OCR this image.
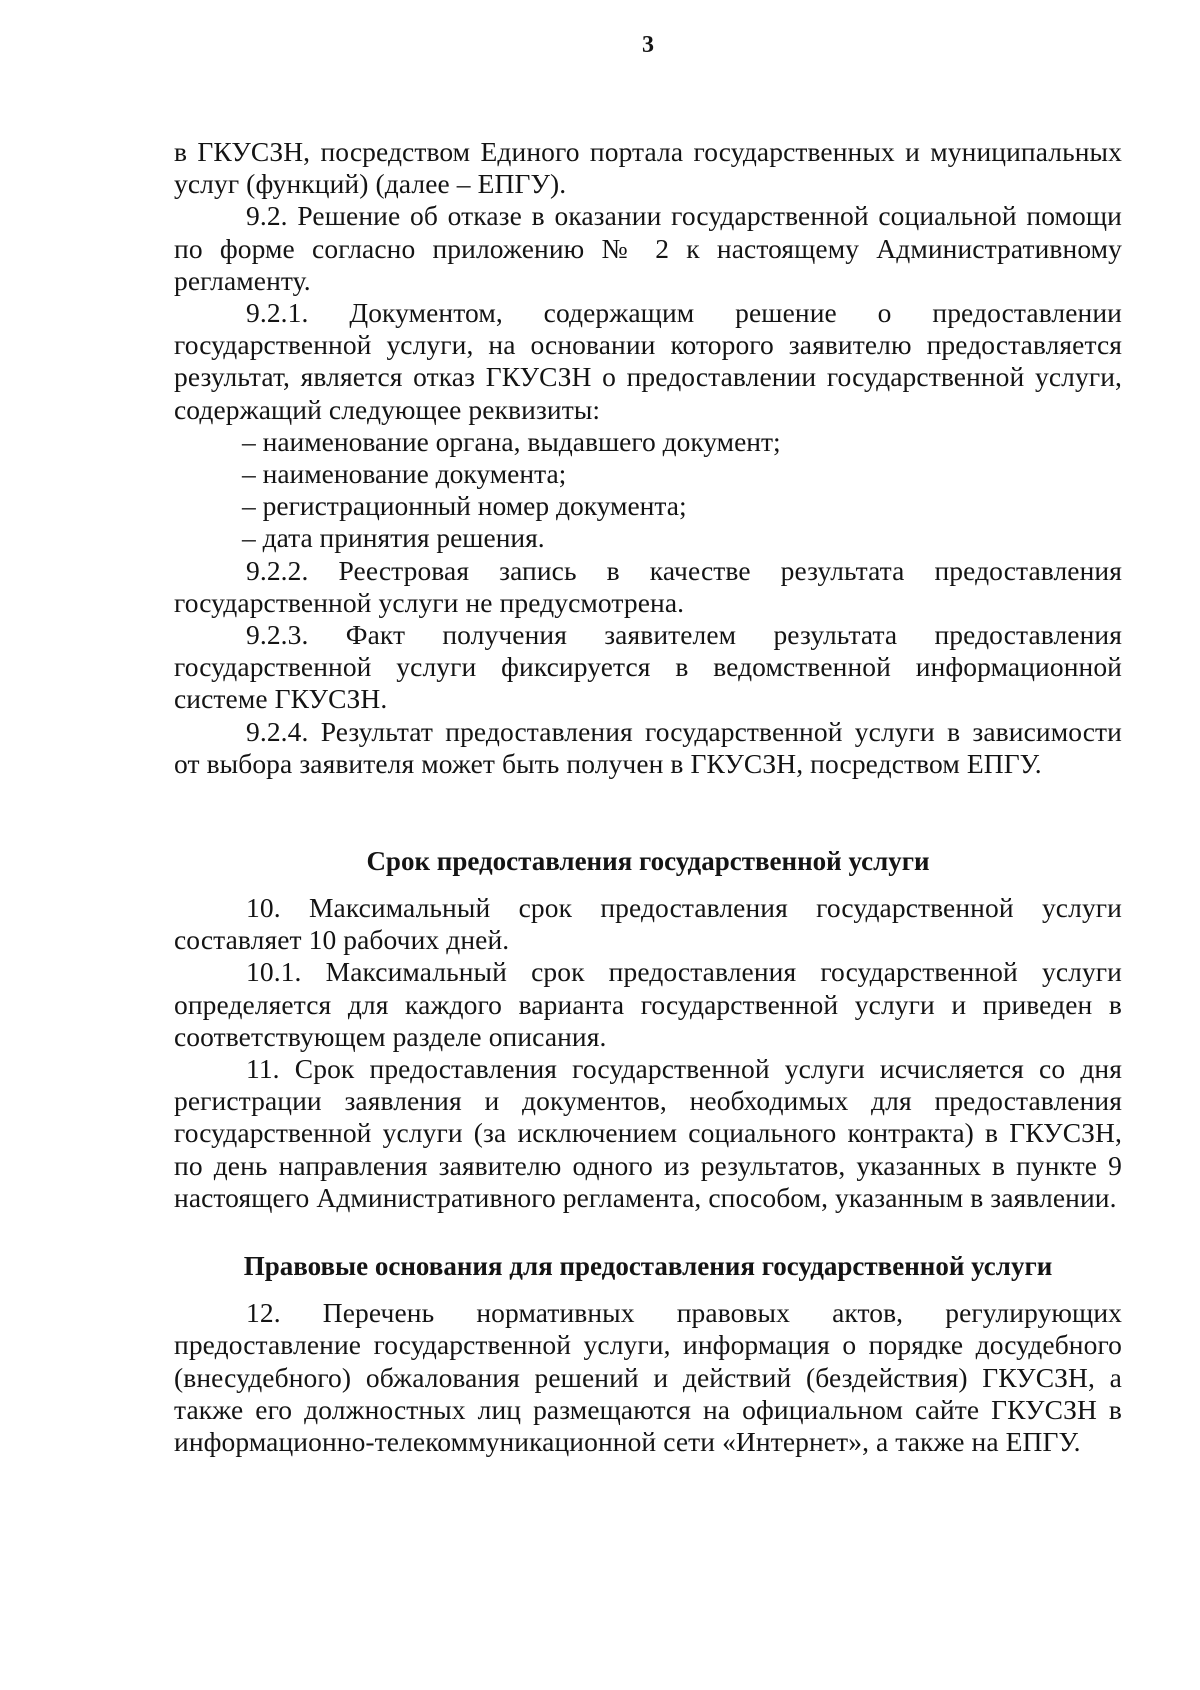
3

в ГКУСЗН, посредством Единого портала государственных и муниципальных услуг (функций) (далее – ЕПГУ).

9.2. Решение об отказе в оказании государственной социальной помощи по форме согласно приложению № 2 к настоящему Административному регламенту.

9.2.1. Документом, содержащим решение о предоставлении государственной услуги, на основании которого заявителю предоставляется результат, является отказ ГКУСЗН о предоставлении государственной услуги, содержащий следующее реквизиты:

– наименование органа, выдавшего документ;

– наименование документа;

– регистрационный номер документа;

– дата принятия решения.

9.2.2. Реестровая запись в качестве результата предоставления государственной услуги не предусмотрена.

9.2.3. Факт получения заявителем результата предоставления государственной услуги фиксируется в ведомственной информационной системе ГКУСЗН.

9.2.4. Результат предоставления государственной услуги в зависимости от выбора заявителя может быть получен в ГКУСЗН, посредством ЕПГУ.

Срок предоставления государственной услуги

10. Максимальный срок предоставления государственной услуги составляет 10 рабочих дней.

10.1. Максимальный срок предоставления государственной услуги определяется для каждого варианта государственной услуги и приведен в соответствующем разделе описания.

11. Срок предоставления государственной услуги исчисляется со дня регистрации заявления и документов, необходимых для предоставления государственной услуги (за исключением социального контракта) в ГКУСЗН, по день направления заявителю одного из результатов, указанных в пункте 9 настоящего Административного регламента, способом, указанным в заявлении.

Правовые основания для предоставления государственной услуги

12. Перечень нормативных правовых актов, регулирующих предоставление государственной услуги, информация о порядке досудебного (внесудебного) обжалования решений и действий (бездействия) ГКУСЗН, а также его должностных лиц размещаются на официальном сайте ГКУСЗН в информационно-телекоммуникационной сети «Интернет», а также на ЕПГУ.
